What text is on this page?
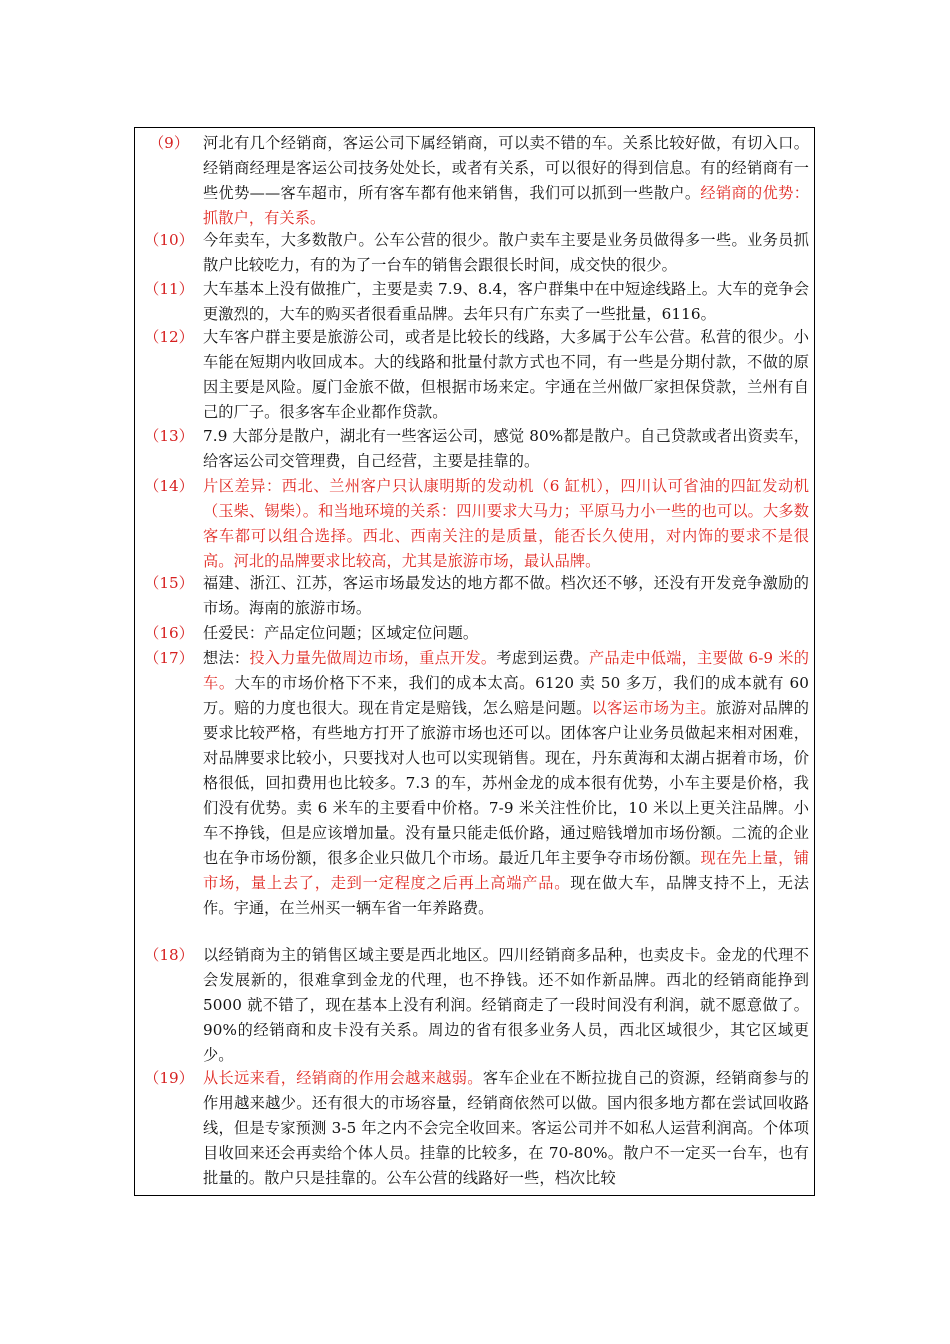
（9） 河北有几个经销商，客运公司下属经销商，可以卖不错的车。关系比较好做，有切入口。经销商经理是客运公司技务处处长，或者有关系，可以很好的得到信息。有的经销商有一些优势——客车超市，所有客车都有他来销售，我们可以抓到一些散户。经销商的优势：抓散户，有关系。
（10） 今年卖车，大多数散户。公车公营的很少。散户卖车主要是业务员做得多一些。业务员抓散户比较吃力，有的为了一台车的销售会跟很长时间，成交快的很少。
（11） 大车基本上没有做推广，主要是卖 7.9、8.4，客户群集中在中短途线路上。大车的竞争会更激烈的，大车的购买者很看重品牌。去年只有广东卖了一些批量，6116。
（12） 大车客户群主要是旅游公司，或者是比较长的线路，大多属于公车公营。私营的很少。小车能在短期内收回成本。大的线路和批量付款方式也不同，有一些是分期付款，不做的原因主要是风险。厦门金旅不做，但根据市场来定。宇通在兰州做厂家担保贷款，兰州有自己的厂子。很多客车企业都作贷款。
（13） 7.9 大部分是散户，湖北有一些客运公司，感觉 80%都是散户。自己贷款或者出资卖车，给客运公司交管理费，自己经营，主要是挂靠的。
（14） 片区差异：西北、兰州客户只认康明斯的发动机（6 缸机），四川认可省油的四缸发动机（玉柴、锡柴）。和当地环境的关系：四川要求大马力；平原马力小一些的也可以。大多数客车都可以组合选择。西北、西南关注的是质量，能否长久使用，对内饰的要求不是很高。河北的品牌要求比较高，尤其是旅游市场，最认品牌。
（15） 福建、浙江、江苏，客运市场最发达的地方都不做。档次还不够，还没有开发竞争激励的市场。海南的旅游市场。
（16） 任爱民：产品定位问题；区域定位问题。
（17） 想法：投入力量先做周边市场，重点开发。考虑到运费。产品走中低端，主要做 6-9 米的车。大车的市场价格下不来，我们的成本太高。6120 卖 50 多万，我们的成本就有 60 万。赔的力度也很大。现在肯定是赔钱，怎么赔是问题。以客运市场为主。旅游对品牌的要求比较严格，有些地方打开了旅游市场也还可以。团体客户让业务员做起来相对困难，对品牌要求比较小，只要找对人也可以实现销售。现在，丹东黄海和太湖占据着市场，价格很低，回扣费用也比较多。7.3 的车，苏州金龙的成本很有优势，小车主要是价格，我们没有优势。卖 6 米车的主要看中价格。7-9 米关注性价比，10 米以上更关注品牌。小车不挣钱，但是应该增加量。没有量只能走低价路，通过赔钱增加市场份额。二流的企业也在争市场份额，很多企业只做几个市场。最近几年主要争夺市场份额。现在先上量，铺市场，量上去了，走到一定程度之后再上高端产品。现在做大车，品牌支持不上，无法作。宇通，在兰州买一辆车省一年养路费。
（18） 以经销商为主的销售区域主要是西北地区。四川经销商多品种，也卖皮卡。金龙的代理不会发展新的，很难拿到金龙的代理，也不挣钱。还不如作新品牌。西北的经销商能挣到 5000 就不错了，现在基本上没有利润。经销商走了一段时间没有利润，就不愿意做了。90%的经销商和皮卡没有关系。周边的省有很多业务人员，西北区域很少，其它区域更少。
（19） 从长远来看，经销商的作用会越来越弱。客车企业在不断拉拢自己的资源，经销商参与的作用越来越少。还有很大的市场容量，经销商依然可以做。国内很多地方都在尝试回收路线，但是专家预测 3-5 年之内不会完全收回来。客运公司并不如私人运营利润高。个体项目收回来还会再卖给个体人员。挂靠的比较多，在 70-80%。散户不一定买一台车，也有批量的。散户只是挂靠的。公车公营的线路好一些，档次比较
